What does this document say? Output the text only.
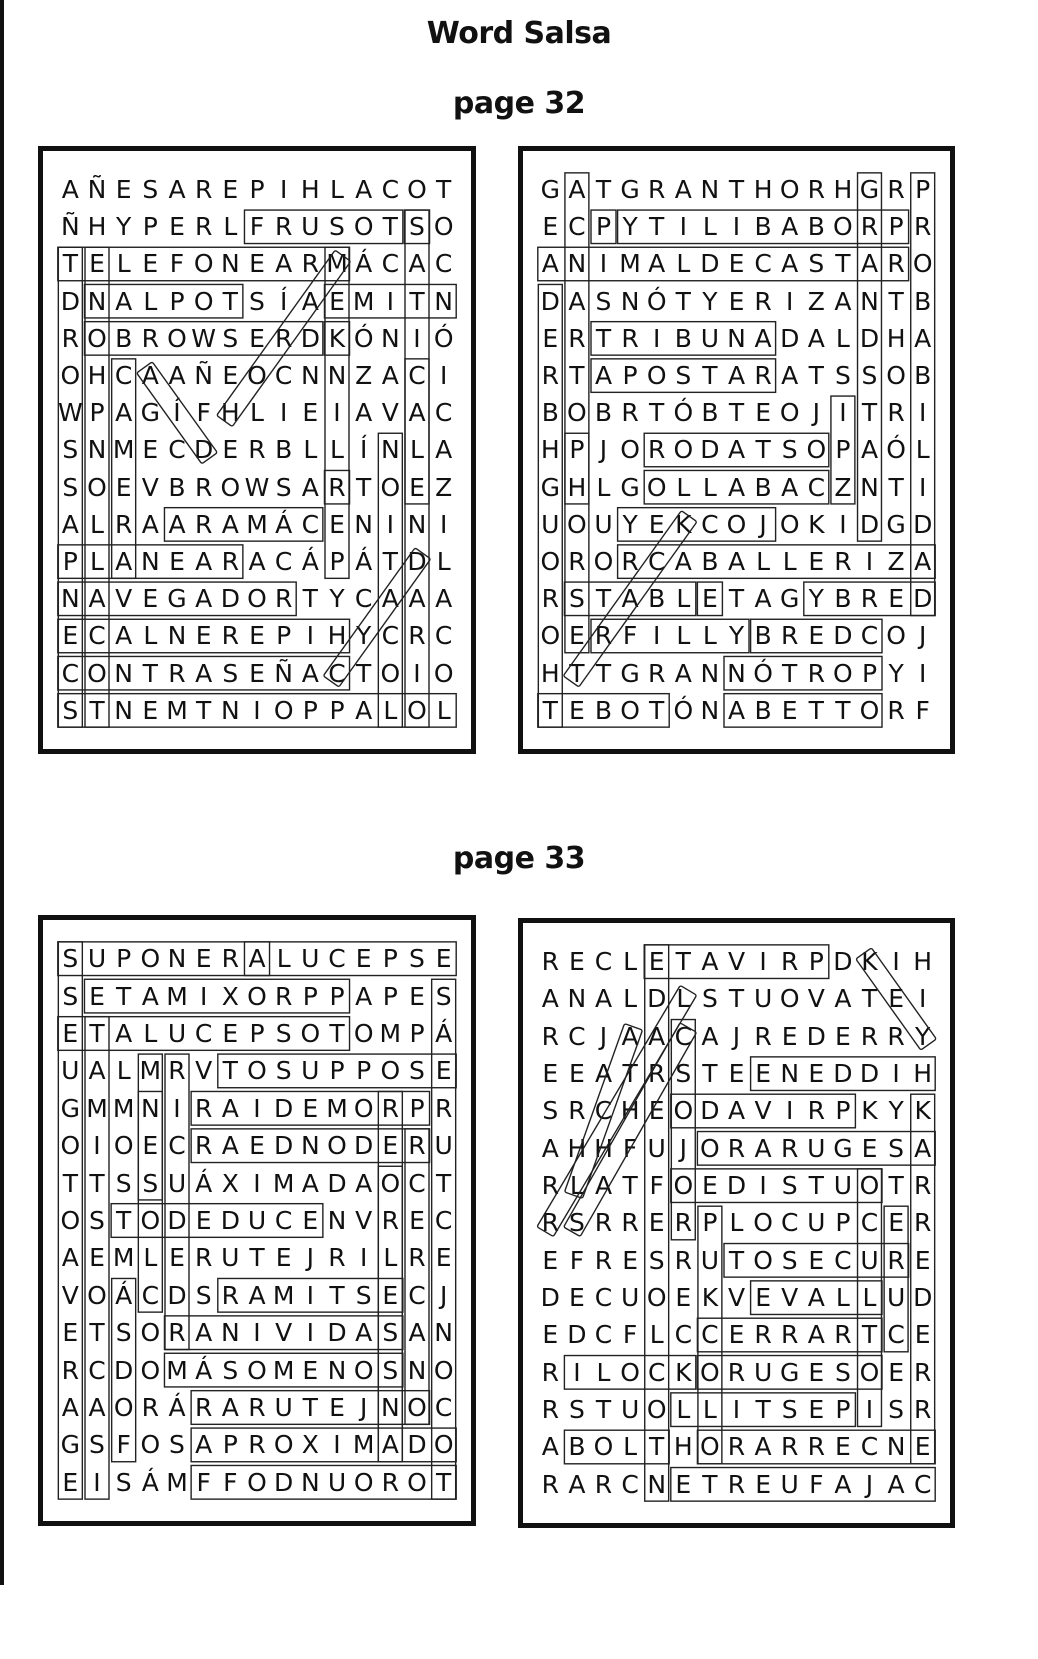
Word Salsa
page 32
page 33
A Ñ E S A R E P I H L A C O T
Ñ H Y P E R L F R U S O T S O
T E L E F O N E A R M Á C A C
D N A L P O T S Í A E M I T N
R O B R O W S E R D K Ó N I Ó
O H C A A Ñ E O C N N Z A C I
W P A G Í F H L I E I A V A C
S N M E C D E R B L L Í N L A
S O E V B R O W S A R T O E Z
A L R A A R A M Á C E N I N I
P L A N E A R A C Á P Á T D L
N A V E G A D O R T Y C A A A
E C A L N E R E P I H Y C R C
C O N T R A S E Ñ A C T O I O
S T N E M T N I O P P A L O L
G A T G R A N T H O R H G R P
E C P Y T I L I B A B O R P R
A N I M A L D E C A S T A R O
D A S N Ó T Y E R I Z A N T B
E R T R I B U N A D A L D H A
R T A P O S T A R A T S S O B
B O B R T Ó B T E O J I T R I
H P J O R O D A T S O P A Ó L
G H L G O L L A B A C Z N T I
U O U Y E K C O J O K I D G D
O R O R C A B A L L E R I Z A
R S T A B L E T A G Y B R E D
O E R F I L L Y B R E D C O J
H T T G R A N N Ó T R O P Y I
T E B O T Ó N A B E T T O R F
S U P O N E R A L U C E P S E
S E T A M I X O R P P A P E S
E T A L U C E P S O T O M P Á
U A L M R V T O S U P P O S E
G M M N I R A I D E M O R P R
O I O E C R A E D N O D E R U
T T S S U Á X I M A D A O C T
O S T O D E D U C E N V R E C
A E M L E R U T E J R I L R E
V O Á C D S R A M I T S E C J
E T S O R A N I V I D A S A N
R C D O M Á S O M E N O S N O
A A O R Á R A R U T E J N O C
G S F O S A P R O X I M A D O
E I S Á M F F O D N U O R O T
R E C L E T A V I R P D K I H
A N A L D L S T U O V A T E I
R C J A A C A J R E D E R R Y
E E A T R S T E E N E D D I H
S R C H E O D A V I R P K Y K
A H H F U J O R A R U G E S A
R L A T F O E D I S T U O T R
R S R R E R P L O C U P C E R
E F R E S R U T O S E C U R E
D E C U O E K V E V A L L U D
E D C F L C C E R R A R T C E
R I L O C K O R U G E S O E R
R S T U O L L I T S E P I S R
A B O L T H O R A R R E C N E
R A R C N E T R E U F A J A C
